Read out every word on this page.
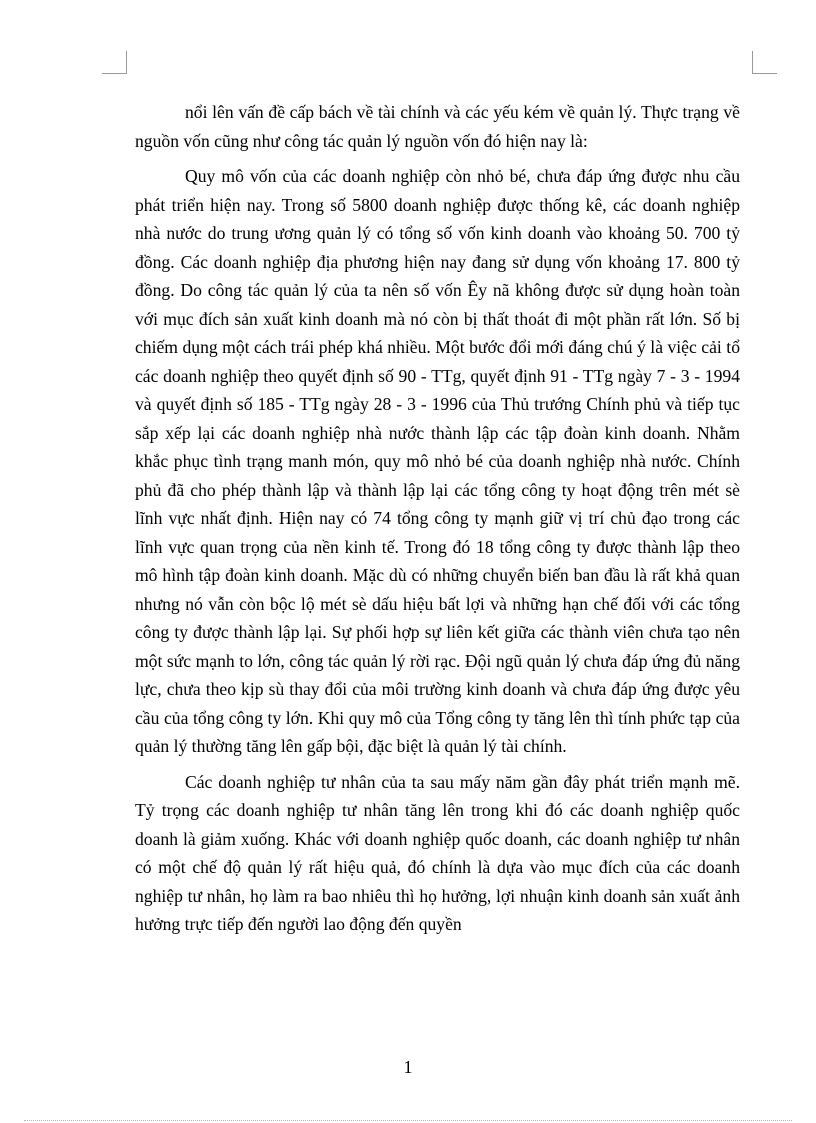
nổi lên vấn đề cấp bách về tài chính và các yếu kém về quản lý. Thực trạng về nguồn vốn cũng như công tác quản lý nguồn vốn đó hiện nay là:

Quy mô vốn của các doanh nghiệp còn nhỏ bé, chưa đáp ứng được nhu cầu phát triển hiện nay. Trong số 5800 doanh nghiệp được thống kê, các doanh nghiệp nhà nước do trung ương quản lý có tổng số vốn kinh doanh vào khoảng 50. 700 tỷ đồng. Các doanh nghiệp địa phương hiện nay đang sử dụng vốn khoảng 17. 800 tỷ đồng. Do công tác quản lý của ta nên số vốn Êy nã không được sử dụng hoàn toàn với mục đích sản xuất kinh doanh mà nó còn bị thất thoát đi một phần rất lớn. Số bị chiếm dụng một cách trái phép khá nhiều. Một bước đổi mới đáng chú ý là việc cải tổ các doanh nghiệp theo quyết định số 90 - TTg, quyết định 91 - TTg ngày 7 - 3 - 1994 và quyết định số 185 - TTg ngày 28 - 3 - 1996 của Thủ trướng Chính phủ và tiếp tục sắp xếp lại các doanh nghiệp nhà nước thành lập các tập đoàn kinh doanh. Nhằm khắc phục tình trạng manh món, quy mô nhỏ bé của doanh nghiệp nhà nước. Chính phủ đã cho phép thành lập và thành lập lại các tổng công ty hoạt động trên mét sè lĩnh vực nhất định. Hiện nay có 74 tổng công ty mạnh giữ vị trí chủ đạo trong các lĩnh vực quan trọng của nền kinh tế. Trong đó 18 tổng công ty được thành lập theo mô hình tập đoàn kinh doanh. Mặc dù có những chuyển biến ban đầu là rất khả quan nhưng nó vẫn còn bộc lộ mét sè dấu hiệu bất lợi và những hạn chế đối với các tổng công ty được thành lập lại. Sự phối hợp sự liên kết giữa các thành viên chưa tạo nên một sức mạnh to lớn, công tác quản lý rời rạc. Đội ngũ quản lý chưa đáp ứng đủ năng lực, chưa theo kịp sù thay đổi của môi trường kinh doanh và chưa đáp ứng được yêu cầu của tổng công ty lớn. Khi quy mô của Tổng công ty tăng lên thì tính phức tạp của quản lý thường tăng lên gấp bội, đặc biệt là quản lý tài chính.

Các doanh nghiệp tư nhân của ta sau mấy năm gần đây phát triển mạnh mẽ. Tỷ trọng các doanh nghiệp tư nhân tăng lên trong khi đó các doanh nghiệp quốc doanh là giảm xuống. Khác với doanh nghiệp quốc doanh, các doanh nghiệp tư nhân có một chế độ quản lý rất hiệu quả, đó chính là dựa vào mục đích của các doanh nghiệp tư nhân, họ làm ra bao nhiêu thì họ hưởng, lợi nhuận kinh doanh sản xuất ảnh hưởng trực tiếp đến người lao động đến quyền

1
